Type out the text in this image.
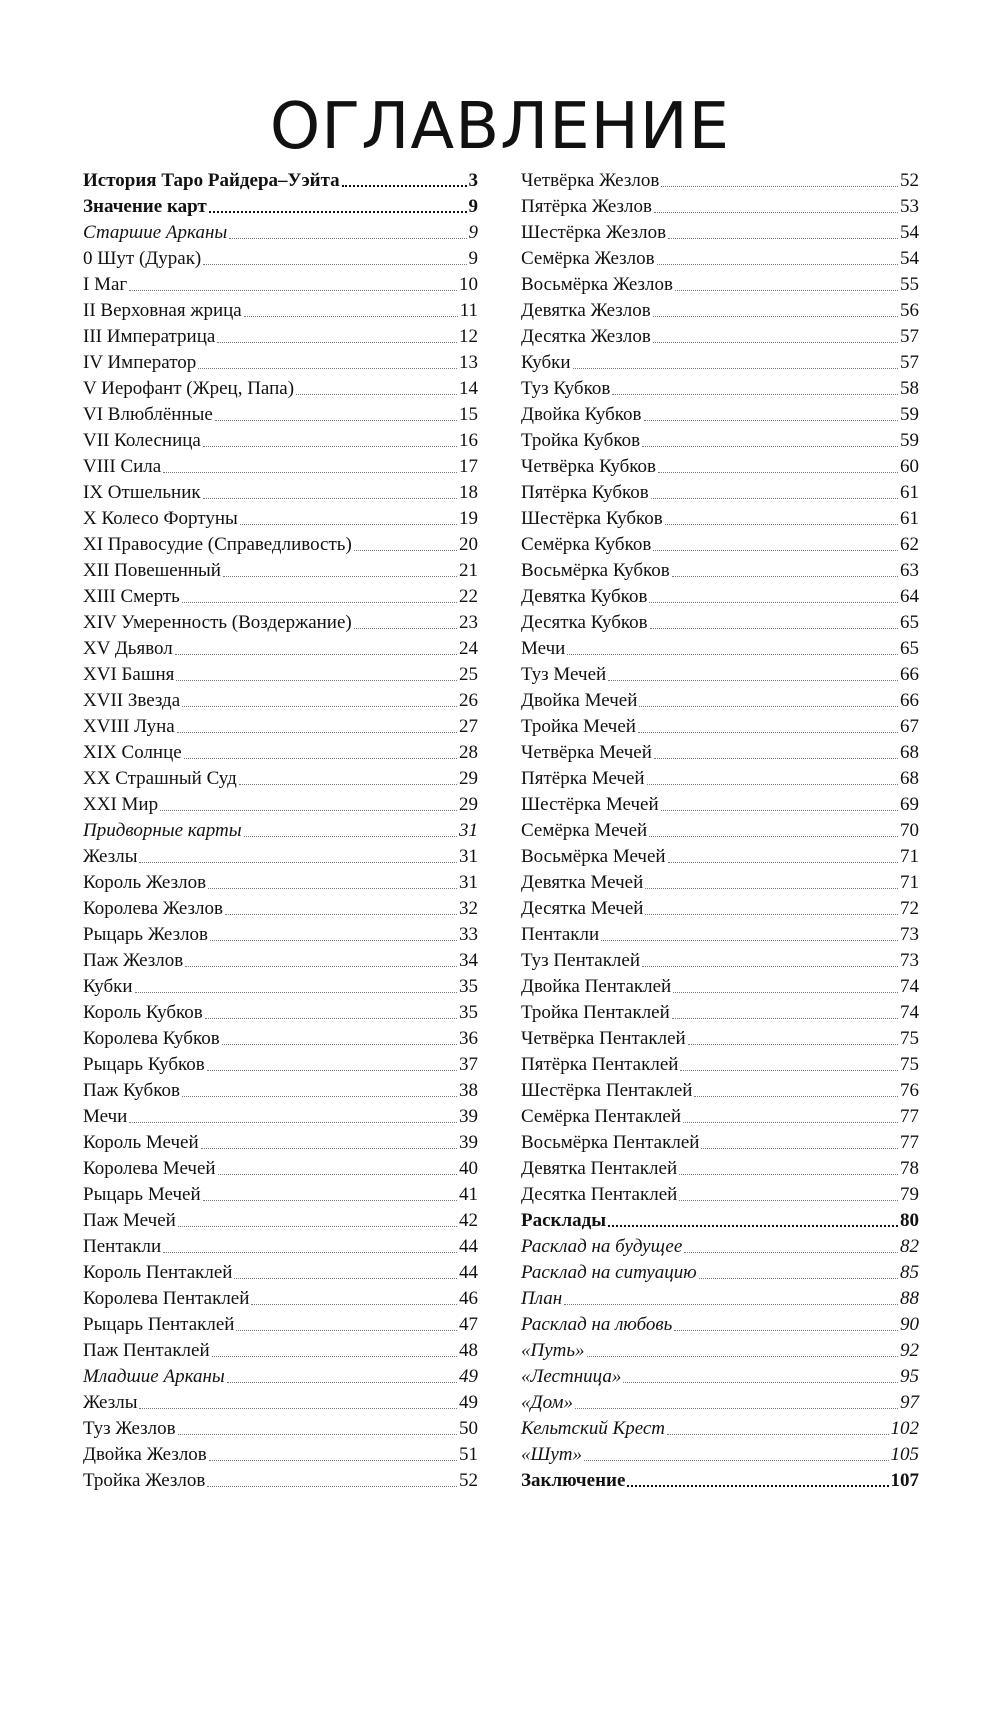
ОГЛАВЛЕНИЕ
История Таро Райдера–Уэйта	3
Значение карт	9
Старшие Арканы	9
0 Шут (Дурак)	9
I Маг	10
II Верховная жрица	11
III Императрица	12
IV Император	13
V Иерофант (Жрец, Папа)	14
VI Влюблённые	15
VII Колесница	16
VIII Сила	17
IX Отшельник	18
X Колесо Фортуны	19
XI Правосудие (Справедливость)	20
XII Повешенный	21
XIII Смерть	22
XIV Умеренность (Воздержание)	23
XV Дьявол	24
XVI Башня	25
XVII Звезда	26
XVIII Луна	27
XIX Солнце	28
XX Страшный Суд	29
XXI Мир	29
Придворные карты	31
Жезлы	31
Король Жезлов	31
Королева Жезлов	32
Рыцарь Жезлов	33
Паж Жезлов	34
Кубки	35
Король Кубков	35
Королева Кубков	36
Рыцарь Кубков	37
Паж Кубков	38
Мечи	39
Король Мечей	39
Королева Мечей	40
Рыцарь Мечей	41
Паж Мечей	42
Пентакли	44
Король Пентаклей	44
Королева Пентаклей	46
Рыцарь Пентаклей	47
Паж Пентаклей	48
Младшие Арканы	49
Жезлы	49
Туз Жезлов	50
Двойка Жезлов	51
Тройка Жезлов	52
Четвёрка Жезлов	52
Пятёрка Жезлов	53
Шестёрка Жезлов	54
Семёрка Жезлов	54
Восьмёрка Жезлов	55
Девятка Жезлов	56
Десятка Жезлов	57
Кубки	57
Туз Кубков	58
Двойка Кубков	59
Тройка Кубков	59
Четвёрка Кубков	60
Пятёрка Кубков	61
Шестёрка Кубков	61
Семёрка Кубков	62
Восьмёрка Кубков	63
Девятка Кубков	64
Десятка Кубков	65
Мечи	65
Туз Мечей	66
Двойка Мечей	66
Тройка Мечей	67
Четвёрка Мечей	68
Пятёрка Мечей	68
Шестёрка Мечей	69
Семёрка Мечей	70
Восьмёрка Мечей	71
Девятка Мечей	71
Десятка Мечей	72
Пентакли	73
Туз Пентаклей	73
Двойка Пентаклей	74
Тройка Пентаклей	74
Четвёрка Пентаклей	75
Пятёрка Пентаклей	75
Шестёрка Пентаклей	76
Семёрка Пентаклей	77
Восьмёрка Пентаклей	77
Девятка Пентаклей	78
Десятка Пентаклей	79
Расклады	80
Расклад на будущее	82
Расклад на ситуацию	85
План	88
Расклад на любовь	90
«Путь»	92
«Лестница»	95
«Дом»	97
Кельтский Крест	102
«Шут»	105
Заключение	107
